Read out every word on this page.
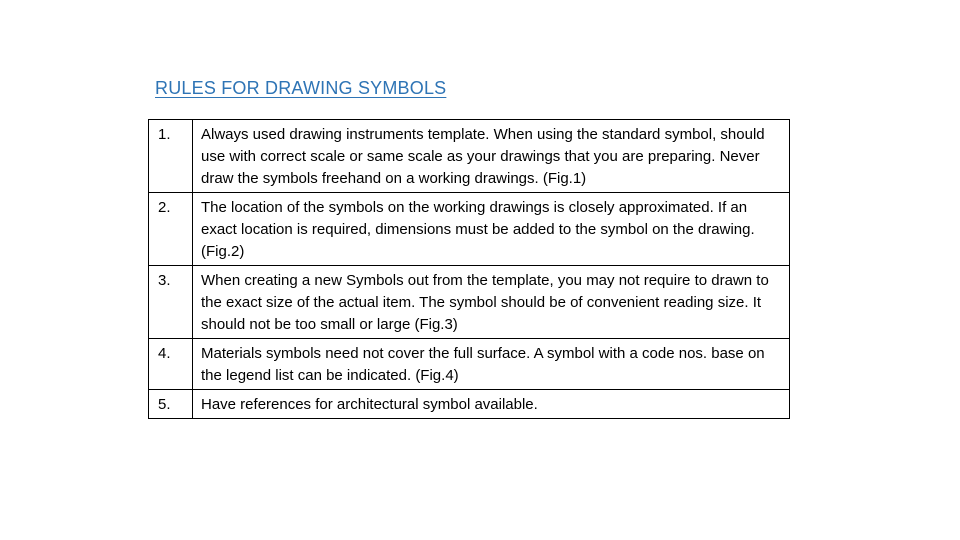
RULES FOR DRAWING SYMBOLS
1.	Always used drawing instruments template. When using the standard symbol, should use with correct scale or same scale as your drawings that you are preparing. Never draw the symbols freehand on a working drawings. (Fig.1)
2.	The location of the symbols on the working drawings is closely approximated. If an exact location is required, dimensions must be added to the symbol on the drawing. (Fig.2)
3.	When creating a new Symbols out from the template, you may not require to drawn to the exact size of the actual item. The symbol should be of convenient reading size. It should not be too small or large (Fig.3)
4.	Materials symbols need not cover the full surface. A symbol with a code nos. base on the legend list can be indicated. (Fig.4)
5.	Have references for architectural symbol available.
